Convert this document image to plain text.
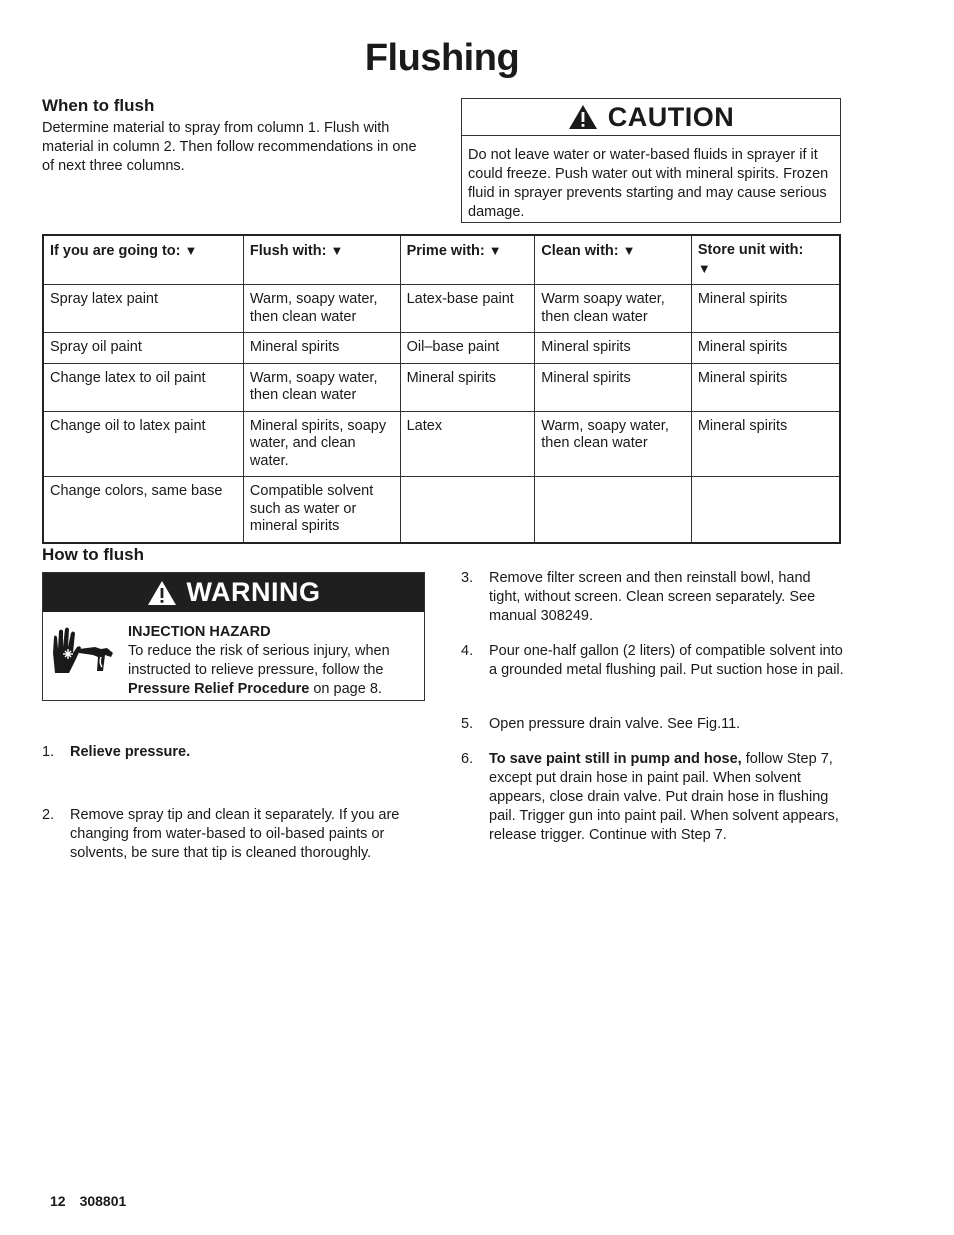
Flushing
When to flush
Determine material to spray from column 1. Flush with material in column 2. Then follow recommendations in one of next three columns.
CAUTION
Do not leave water or water-based fluids in sprayer if it could freeze. Push water out with mineral spirits. Frozen fluid in sprayer prevents starting and may cause serious damage.
If you are going to: ▼	Flush with: ▼	Prime with: ▼	Clean with: ▼	Store unit with:
▼
Spray latex paint	Warm, soapy water, then clean water	Latex-base paint	Warm soapy water, then clean water	Mineral spirits
Spray oil paint	Mineral spirits	Oil–base paint	Mineral spirits	Mineral spirits
Change latex to oil paint	Warm, soapy water, then clean water	Mineral spirits	Mineral spirits	Mineral spirits
Change oil to latex paint	Mineral spirits, soapy water, and clean water.	Latex	Warm, soapy water, then clean water	Mineral spirits
Change colors, same base	Compatible solvent such as water or mineral spirits			
How to flush
WARNING
INJECTION HAZARD
To reduce the risk of serious injury, when instructed to relieve pressure, follow the Pressure Relief Procedure on page 8.
1.	Relieve pressure.
2.	Remove spray tip and clean it separately. If you are changing from water-based to oil-based paints or solvents, be sure that tip is cleaned thoroughly.
3.	Remove filter screen and then reinstall bowl, hand tight, without screen. Clean screen separately. See manual 308249.
4.	Pour one-half gallon (2 liters) of compatible solvent into a grounded metal flushing pail. Put suction hose in pail.
5.	Open pressure drain valve. See Fig.11.
6.	To save paint still in pump and hose, follow Step 7, except put drain hose in paint pail. When solvent appears, close drain valve. Put drain hose in flushing pail. Trigger gun into paint pail. When solvent appears, release trigger. Continue with Step 7.
12 308801
